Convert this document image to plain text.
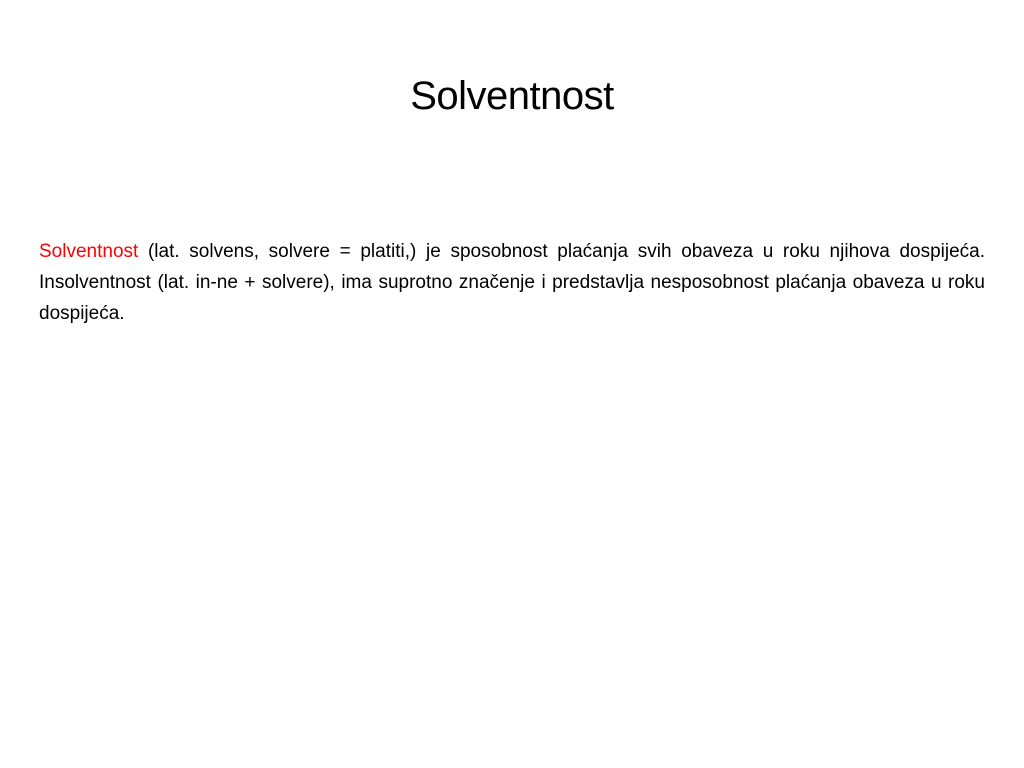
Solventnost

Solventnost (lat. solvens, solvere = platiti,) je sposobnost plaćanja svih obaveza u roku njihova dospijeća. Insolventnost (lat. in-ne + solvere), ima suprotno značenje i predstavlja nesposobnost plaćanja obaveza u roku dospijeća.
